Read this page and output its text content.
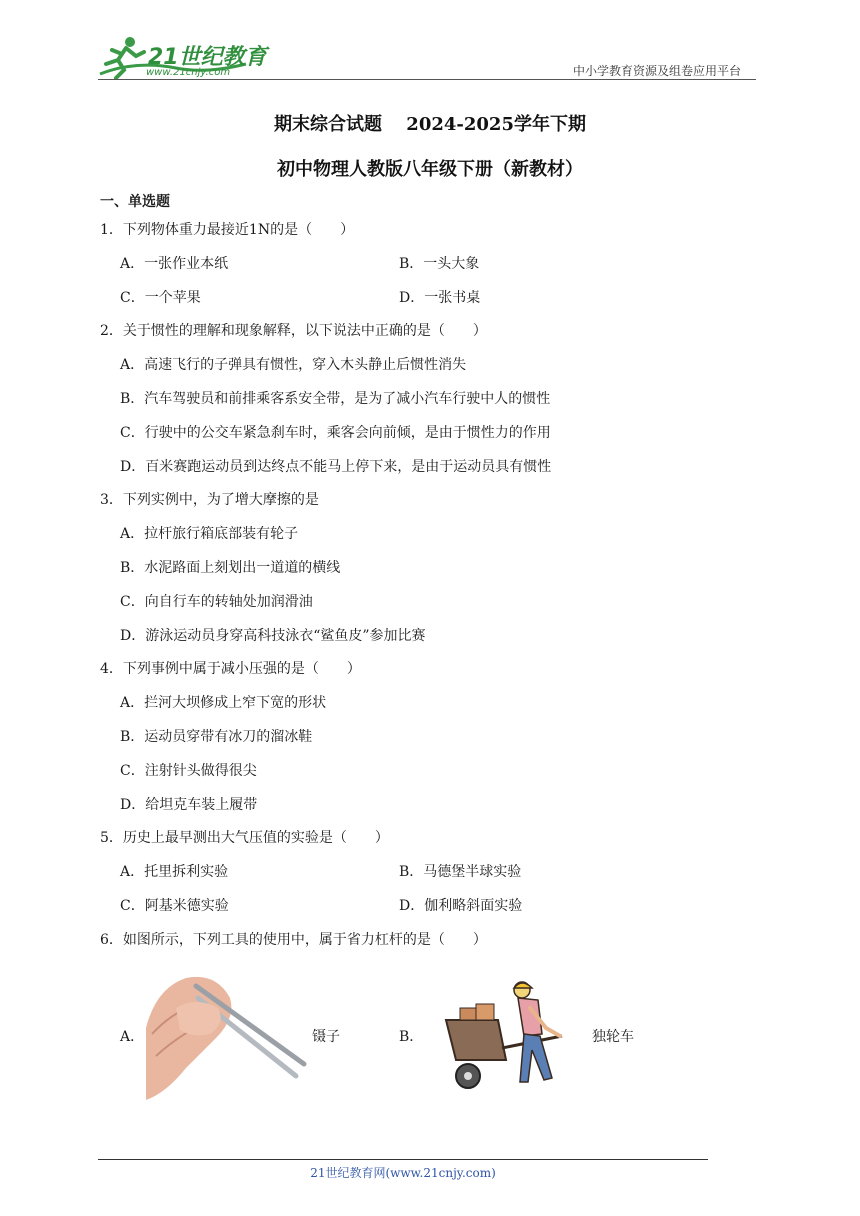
21世纪教育
www.21cnjy.com	中小学教育资源及组卷应用平台
期末综合试题　 2024-2025学年下期
初中物理人教版八年级下册（新教材）
一、单选题
1．下列物体重力最接近1N的是（　　）
A．一张作业本纸	B．一头大象
C．一个苹果	D．一张书桌
2．关于惯性的理解和现象解释，以下说法中正确的是（　　）
A．高速飞行的子弹具有惯性，穿入木头静止后惯性消失
B．汽车驾驶员和前排乘客系安全带，是为了减小汽车行驶中人的惯性
C．行驶中的公交车紧急刹车时，乘客会向前倾，是由于惯性力的作用
D．百米赛跑运动员到达终点不能马上停下来，是由于运动员具有惯性
3．下列实例中，为了增大摩擦的是
A．拉杆旅行箱底部装有轮子
B．水泥路面上刻划出一道道的横线
C．向自行车的转轴处加润滑油
D．游泳运动员身穿高科技泳衣“鲨鱼皮”参加比赛
4．下列事例中属于减小压强的是（　　）
A．拦河大坝修成上窄下宽的形状
B．运动员穿带有冰刀的溜冰鞋
C．注射针头做得很尖
D．给坦克车装上履带
5．历史上最早测出大气压值的实验是（　　）
A．托里拆利实验	B．马德堡半球实验
C．阿基米德实验	D．伽利略斜面实验
6．如图所示，下列工具的使用中，属于省力杠杆的是（　　）
A．	镊子	B．	独轮车
21世纪教育网(www.21cnjy.com)
